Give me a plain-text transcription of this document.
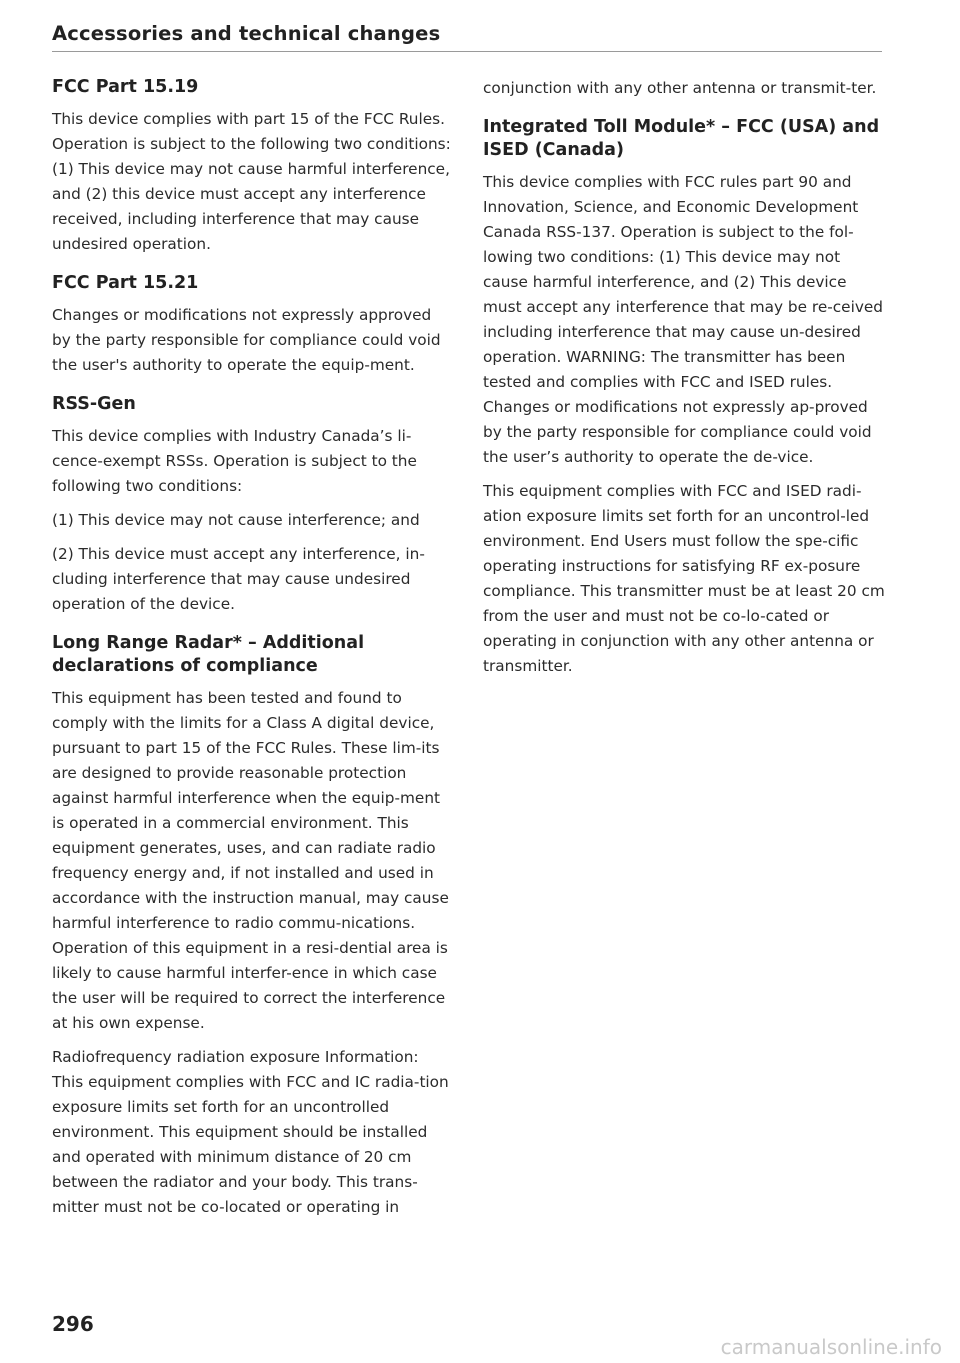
Accessories and technical changes
FCC Part 15.19

This device complies with part 15 of the FCC Rules. Operation is subject to the following two conditions: (1) This device may not cause harmful interference, and (2) this device must accept any interference received, including interference that may cause undesired operation.

FCC Part 15.21

Changes or modifications not expressly approved by the party responsible for compliance could void the user's authority to operate the equip-ment.

RSS-Gen

This device complies with Industry Canada’s li-cence-exempt RSSs. Operation is subject to the following two conditions:

(1) This device may not cause interference; and

(2) This device must accept any interference, in-cluding interference that may cause undesired operation of the device.

Long Range Radar* – Additional declarations of compliance

This equipment has been tested and found to comply with the limits for a Class A digital device, pursuant to part 15 of the FCC Rules. These lim-its are designed to provide reasonable protection against harmful interference when the equip-ment is operated in a commercial environment. This equipment generates, uses, and can radiate radio frequency energy and, if not installed and used in accordance with the instruction manual, may cause harmful interference to radio commu-nications. Operation of this equipment in a resi-dential area is likely to cause harmful interfer-ence in which case the user will be required to correct the interference at his own expense.

Radiofrequency radiation exposure Information: This equipment complies with FCC and IC radia-tion exposure limits set forth for an uncontrolled environment. This equipment should be installed and operated with minimum distance of 20 cm between the radiator and your body. This trans-mitter must not be co-located or operating in

conjunction with any other antenna or transmit-ter.

Integrated Toll Module* – FCC (USA) and ISED (Canada)

This device complies with FCC rules part 90 and Innovation, Science, and Economic Development Canada RSS-137. Operation is subject to the fol-lowing two conditions: (1) This device may not cause harmful interference, and (2) This device must accept any interference that may be re-ceived including interference that may cause un-desired operation. WARNING: The transmitter has been tested and complies with FCC and ISED rules. Changes or modifications not expressly ap-proved by the party responsible for compliance could void the user’s authority to operate the de-vice.

This equipment complies with FCC and ISED radi-ation exposure limits set forth for an uncontrol-led environment. End Users must follow the spe-cific operating instructions for satisfying RF ex-posure compliance. This transmitter must be at least 20 cm from the user and must not be co-lo-cated or operating in conjunction with any other antenna or transmitter.

296
carmanualsonline.info
